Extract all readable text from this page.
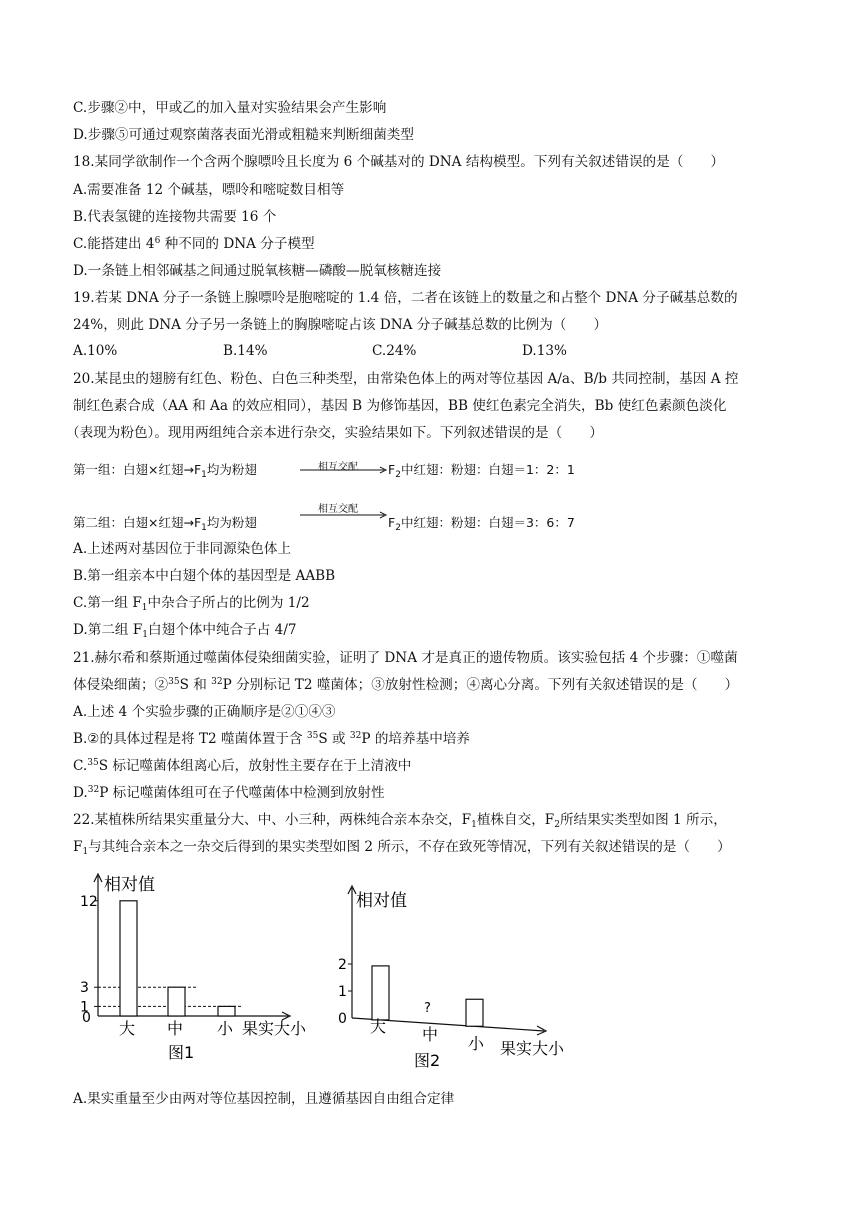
C.步骤②中，甲或乙的加入量对实验结果会产生影响
D.步骤⑤可通过观察菌落表面光滑或粗糙来判断细菌类型
18.某同学欲制作一个含两个腺嘌呤且长度为 6 个碱基对的 DNA 结构模型。下列有关叙述错误的是（　　）
A.需要准备 12 个碱基，嘌呤和嘧啶数目相等
B.代表氢键的连接物共需要 16 个
C.能搭建出 $4^6$ 种不同的 DNA 分子模型
D.一条链上相邻碱基之间通过脱氧核糖—磷酸—脱氧核糖连接
19.若某 DNA 分子一条链上腺嘌呤是胞嘧啶的 1.4 倍，二者在该链上的数量之和占整个 DNA 分子碱基总数的
24%，则此 DNA 分子另一条链上的胸腺嘧啶占该 DNA 分子碱基总数的比例为（　　）
A.10%	B.14%	C.24%	D.13%
20.某昆虫的翅膀有红色、粉色、白色三种类型，由常染色体上的两对等位基因 A/a、B/b 共同控制，基因 A 控
制红色素合成（AA 和 Aa 的效应相同），基因 B 为修饰基因，BB 使红色素完全消失，Bb 使红色素颜色淡化
（表现为粉色）。现用两组纯合亲本进行杂交，实验结果如下。下列叙述错误的是（　　）
第一组：白翅×红翅$\to F_1$均为粉翅	相互交配 $F_2$中红翅：粉翅：白翅＝1：2：1
第二组：白翅×红翅$\to F_1$均为粉翅
相互交配
$F_2$中红翅：粉翅：白翅＝3：6：7
A.上述两对基因位于非同源染色体上
B.第一组亲本中白翅个体的基因型是 AABB
C.第一组 $F_1$中杂合子所占的比例为 1/2
D.第二组 $F_1$白翅个体中纯合子占 4/7
21.赫尔希和蔡斯通过噬菌体侵染细菌实验，证明了 DNA 才是真正的遗传物质。该实验包括 4 个步骤：①噬菌
体侵染细菌；②$^{35}$S 和 $^{32}$P 分别标记 T2 噬菌体；③放射性检测；④离心分离。下列有关叙述错误的是（　　）
A.上述 4 个实验步骤的正确顺序是②①④③
B.②的具体过程是将 T2 噬菌体置于含 $^{35}$S 或 $^{32}$P 的培养基中培养
C.$^{35}$S 标记噬菌体组离心后，放射性主要存在于上清液中
D.$^{32}$P 标记噬菌体组可在子代噬菌体中检测到放射性
22.某植株所结果实重量分大、中、小三种，两株纯合亲本杂交，$F_1$植株自交，$F_2$所结果实类型如图 1 所示，
$F_1$与其纯合亲本之一杂交后得到的果实类型如图 2 所示，不存在致死等情况，下列有关叙述错误的是（　　）
相对值
0
1
3
12
大 中 小 果实大小
图1
相对值
0
1
2
?
大 中 小 果实大小
图2
A.果实重量至少由两对等位基因控制，且遵循基因自由组合定律
